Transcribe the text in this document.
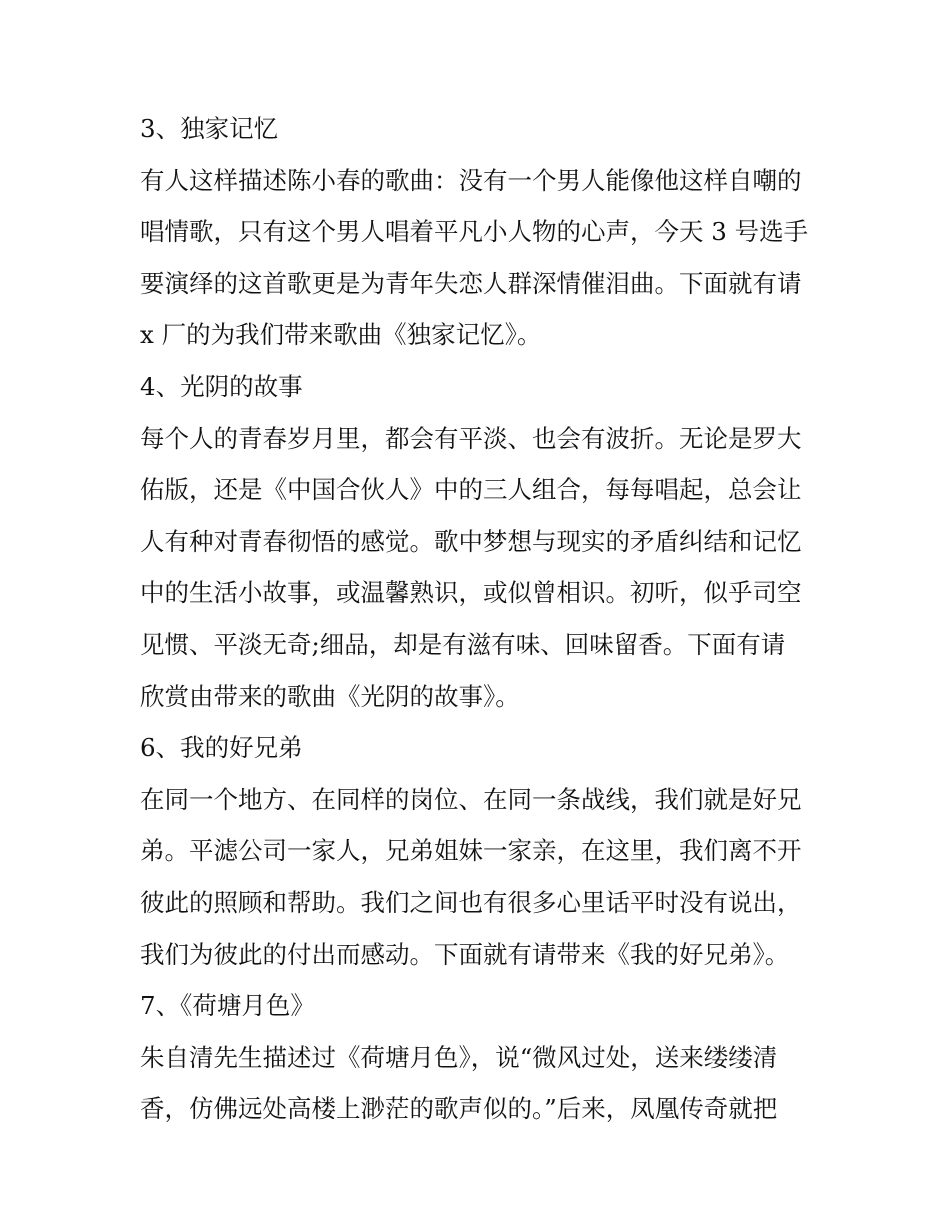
3、独家记忆
有人这样描述陈小春的歌曲：没有一个男人能像他这样自嘲的
唱情歌，只有这个男人唱着平凡小人物的心声，今天 3 号选手
要演绎的这首歌更是为青年失恋人群深情催泪曲。下面就有请
x 厂的为我们带来歌曲《独家记忆》。
4、光阴的故事
每个人的青春岁月里，都会有平淡、也会有波折。无论是罗大
佑版，还是《中国合伙人》中的三人组合，每每唱起，总会让
人有种对青春彻悟的感觉。歌中梦想与现实的矛盾纠结和记忆
中的生活小故事，或温馨熟识，或似曾相识。初听，似乎司空
见惯、平淡无奇;细品，却是有滋有味、回味留香。下面有请
欣赏由带来的歌曲《光阴的故事》。
6、我的好兄弟
在同一个地方、在同样的岗位、在同一条战线，我们就是好兄
弟。平滤公司一家人，兄弟姐妹一家亲，在这里，我们离不开
彼此的照顾和帮助。我们之间也有很多心里话平时没有说出，
我们为彼此的付出而感动。下面就有请带来《我的好兄弟》。
7、《荷塘月色》
朱自清先生描述过《荷塘月色》，说“微风过处，送来缕缕清
香，仿佛远处高楼上渺茫的歌声似的。”后来，凤凰传奇就把
